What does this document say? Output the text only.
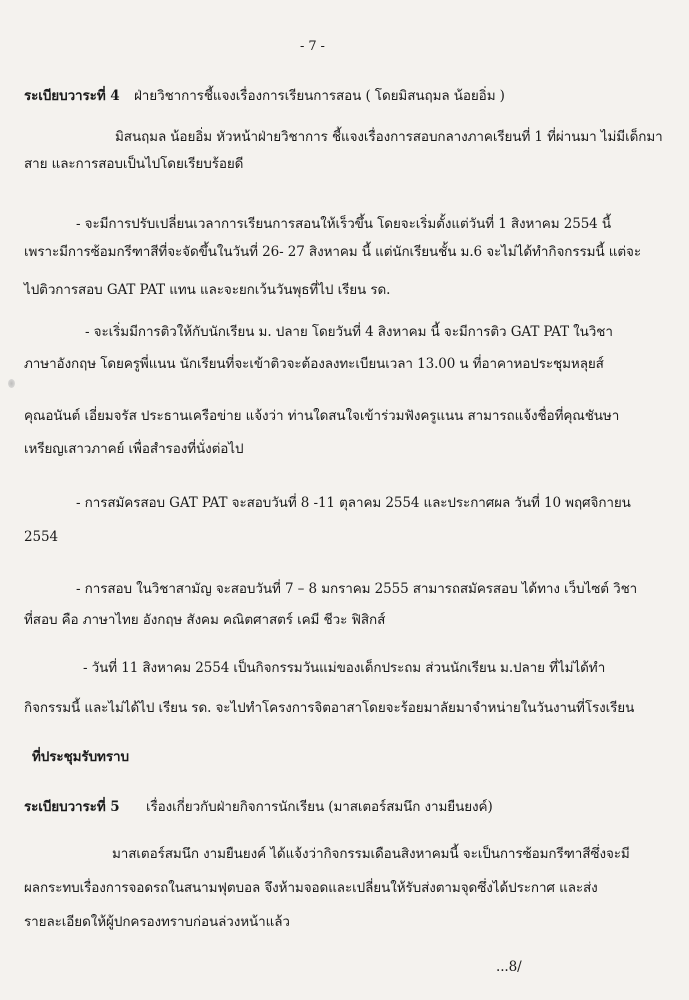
- 7 -
ระเบียบวาระที่ 4 ฝ่ายวิชาการชี้แจงเรื่องการเรียนการสอน ( โดยมิสนฤมล น้อยอิ่ม )
มิสนฤมล น้อยอิ่ม หัวหน้าฝ่ายวิชาการ ชี้แจงเรื่องการสอบกลางภาคเรียนที่ 1 ที่ผ่านมา ไม่มีเด็กมา
สาย และการสอบเป็นไปโดยเรียบร้อยดี
- จะมีการปรับเปลี่ยนเวลาการเรียนการสอนให้เร็วขึ้น โดยจะเริ่มตั้งแต่วันที่ 1 สิงหาคม 2554 นี้
เพราะมีการซ้อมกรีฑาสีที่จะจัดขึ้นในวันที่ 26- 27 สิงหาคม นี้ แต่นักเรียนชั้น ม.6 จะไม่ได้ทำกิจกรรมนี้ แต่จะ
ไปติวการสอบ GAT PAT แทน และจะยกเว้นวันพุธที่ไป เรียน รด.
- จะเริ่มมีการติวให้กับนักเรียน ม. ปลาย โดยวันที่ 4 สิงหาคม นี้ จะมีการติว GAT PAT ในวิชา
ภาษาอังกฤษ โดยครูพี่แนน นักเรียนที่จะเข้าติวจะต้องลงทะเบียนเวลา 13.00 น ที่อาคาหอประชุมหลุยส์
คุณอนันต์ เอี่ยมจรัส ประธานเครือข่าย แจ้งว่า ท่านใดสนใจเข้าร่วมฟังครูแนน สามารถแจ้งชื่อที่คุณชันษา
เหรียญเสาวภาคย์ เพื่อสำรองที่นั่งต่อไป
- การสมัครสอบ GAT PAT จะสอบวันที่ 8 -11 ตุลาคม 2554 และประกาศผล วันที่ 10 พฤศจิกายน
2554
- การสอบ ในวิชาสามัญ จะสอบวันที่ 7 – 8 มกราคม 2555 สามารถสมัครสอบ ได้ทาง เว็บไซต์ วิชา
ที่สอบ คือ ภาษาไทย อังกฤษ สังคม คณิตศาสตร์ เคมี ชีวะ ฟิสิกส์
- วันที่ 11 สิงหาคม 2554 เป็นกิจกรรมวันแม่ของเด็กประถม ส่วนนักเรียน ม.ปลาย ที่ไม่ได้ทำ
กิจกรรมนี้ และไม่ได้ไป เรียน รด. จะไปทำโครงการจิตอาสาโดยจะร้อยมาลัยมาจำหน่ายในวันงานที่โรงเรียน
ที่ประชุมรับทราบ
ระเบียบวาระที่ 5 เรื่องเกี่ยวกับฝ่ายกิจการนักเรียน (มาสเตอร์สมนึก งามยืนยงค์)
มาสเตอร์สมนึก งามยืนยงค์ ได้แจ้งว่ากิจกรรมเดือนสิงหาคมนี้ จะเป็นการซ้อมกรีฑาสีซึ่งจะมี
ผลกระทบเรื่องการจอดรถในสนามฟุตบอล จึงห้ามจอดและเปลี่ยนให้รับส่งตามจุดซึ่งได้ประกาศ และส่ง
รายละเอียดให้ผู้ปกครองทราบก่อนล่วงหน้าแล้ว
...8/
